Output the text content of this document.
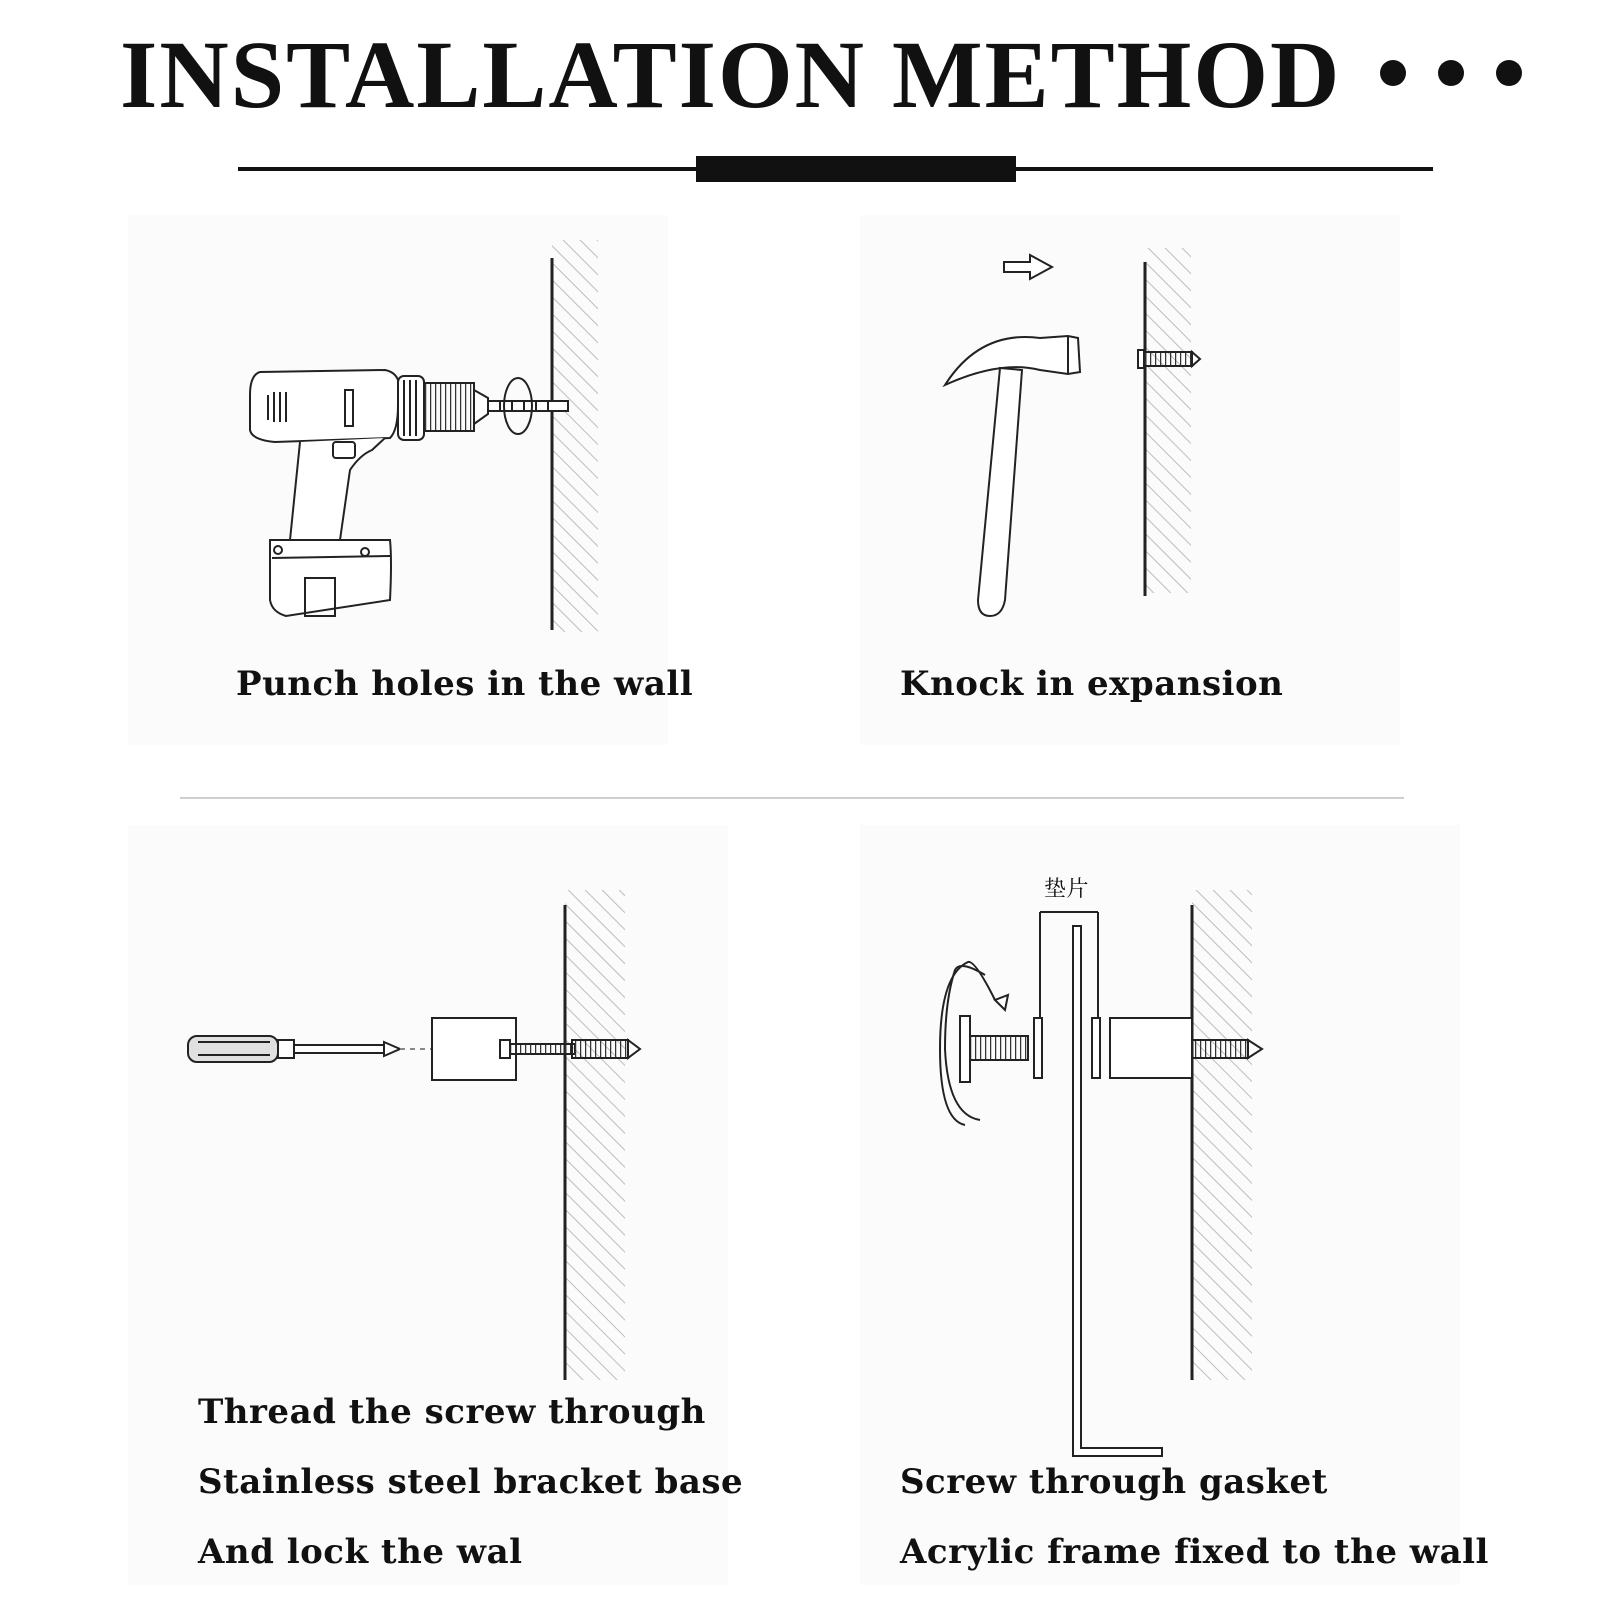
INSTALLATION METHOD
垫片
Punch holes in the wall	Knock in expansion
Thread the screw through
Stainless steel bracket base
And lock the wal
Screw through gasket
Acrylic frame fixed to the wall
